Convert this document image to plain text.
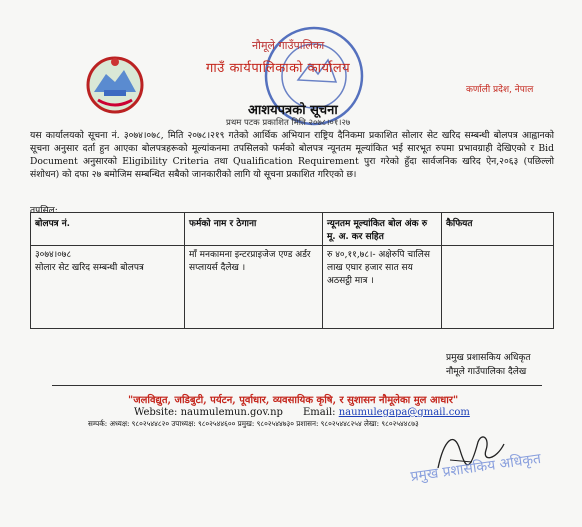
नौमूले गाउँपालिका
गाउँ कार्यपालिकाको कार्यालय
कर्णाली प्रदेश, नेपाल
आशयपत्रको सूचना
प्रथम पटक प्रकाशित मिति २०७८।०१।२७
यस कार्यालयको सूचना नं. ३०७४।०७८, मिति २०७८।२१९ गतेको आर्थिक अभियान राष्ट्रिय दैनिकमा प्रकाशित सोलार सेट खरिद सम्बन्धी बोलपत्र आह्वानको सूचना अनुसार दर्ता हुन आएका बोलपत्रहरूको मूल्यांकनमा तपसिलको फर्मको बोलपत्र न्यूनतम मूल्यांकित भई सारभूत रुपमा प्रभावग्राही देखिएको र Bid Document अनुसारको Eligibility Criteria तथा Qualification Requirement पुरा गरेको हुँदा सार्वजनिक खरिद ऐन,२०६३ (पछिल्लो संशोधन) को दफा २७ बमोजिम सम्बन्धित सबैको जानकारीको लागि यो सूचना प्रकाशित गरिएको छ।
तपसिल:
बोलपत्र नं.	फर्मको नाम र ठेगाना	न्यूनतम मूल्यांकित बोल अंक रु मू. अ. कर सहित	कैफियत

३०७४।०७८
सोलार सेट खरिद सम्बन्धी बोलपत्र	माँ मनकामना इन्टरप्राइजेज एण्ड अर्डर सप्लायर्स दैलेख ।	रु ४०,११,७८।- अक्षेरुपि चालिस लाख एघार हजार सात सय अठसट्ठी मात्र ।	
प्रमुख प्रशासकिय अधिकृत
नौमूले गाउँपालिका दैलेख
"जलविद्युत, जडिबुटी, पर्यटन, पूर्वाधार, व्यवसायिक कृषि, र सुशासन नौमूलेका मुल आधार"
Website: naumulemun.gov.np Email: naumulegapa@gmail.com
सम्पर्क: अध्यक्ष: ९८०२५४४८२० उपाध्यक्ष: ९८०२५४४६०० प्रमुख: ९८०२५४४७३० प्रशासन: ९८०२५४४८२५४ लेखा: ९८०२५४४८७३
प्रमुख प्रशासकिय अधिकृत
